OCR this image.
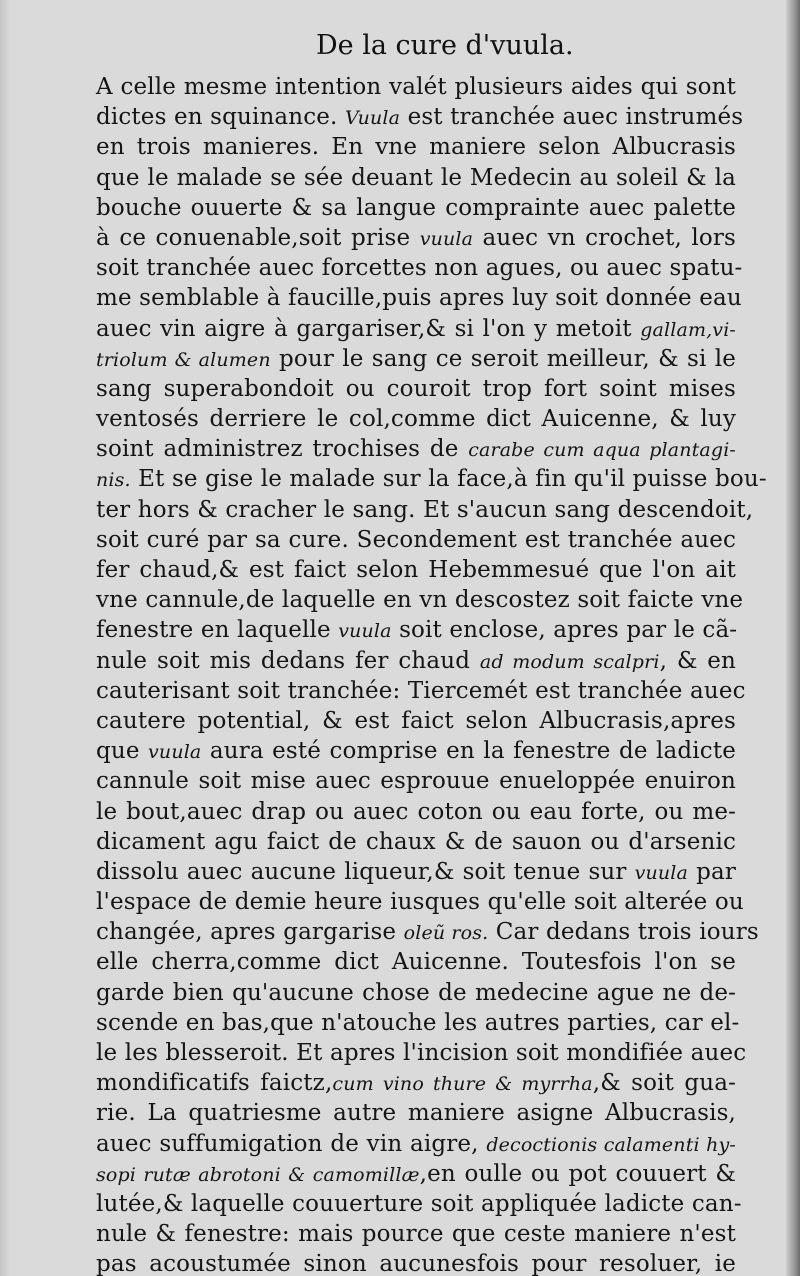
De la cure d'vuula.
A celle mesme intention valét plusieurs aides qui sont
dictes en squinance. Vuula est tranchée auec instrumés
en trois manieres. En vne maniere selon Albucrasis
que le malade se sée deuant le Medecin au soleil & la
bouche ouuerte & sa langue comprainte auec palette
à ce conuenable,soit prise vuula auec vn crochet, lors
soit tranchée auec forcettes non agues, ou auec spatu-
me semblable à faucille,puis apres luy soit donnée eau
auec vin aigre à gargariser,& si l'on y metoit gallam,vi-
triolum & alumen pour le sang ce seroit meilleur, & si le
sang superabondoit ou couroit trop fort soint mises
ventosés derriere le col,comme dict Auicenne, & luy
soint administrez trochises de carabe cum aqua plantagi-
nis. Et se gise le malade sur la face,à fin qu'il puisse bou-
ter hors & cracher le sang. Et s'aucun sang descendoit,
soit curé par sa cure. Secondement est tranchée auec
fer chaud,& est faict selon Hebemmesué que l'on ait
vne cannule,de laquelle en vn descostez soit faicte vne
fenestre en laquelle vuula soit enclose, apres par le cã-
nule soit mis dedans fer chaud ad modum scalpri, & en
cauterisant soit tranchée: Tiercemét est tranchée auec
cautere potential, & est faict selon Albucrasis,apres
que vuula aura esté comprise en la fenestre de ladicte
cannule soit mise auec esprouue enueloppée enuiron
le bout,auec drap ou auec coton ou eau forte, ou me-
dicament agu faict de chaux & de sauon ou d'arsenic
dissolu auec aucune liqueur,& soit tenue sur vuula par
l'espace de demie heure iusques qu'elle soit alterée ou
changée, apres gargarise oleũ ros. Car dedans trois iours
elle cherra,comme dict Auicenne. Toutesfois l'on se
garde bien qu'aucune chose de medecine ague ne de-
scende en bas,que n'atouche les autres parties, car el-
le les blesseroit. Et apres l'incision soit mondifiée auec
mondificatifs faictz,cum vino thure & myrrha,& soit gua-
rie. La quatriesme autre maniere asigne Albucrasis,
auec suffumigation de vin aigre, decoctionis calamenti hy-
sopi rutæ abrotoni & camomillæ,en oulle ou pot couuert &
lutée,& laquelle couuerture soit appliquée ladicte can-
nule & fenestre: mais pource que ceste maniere n'est
pas acoustumée sinon aucunesfois pour resoluer, ie
